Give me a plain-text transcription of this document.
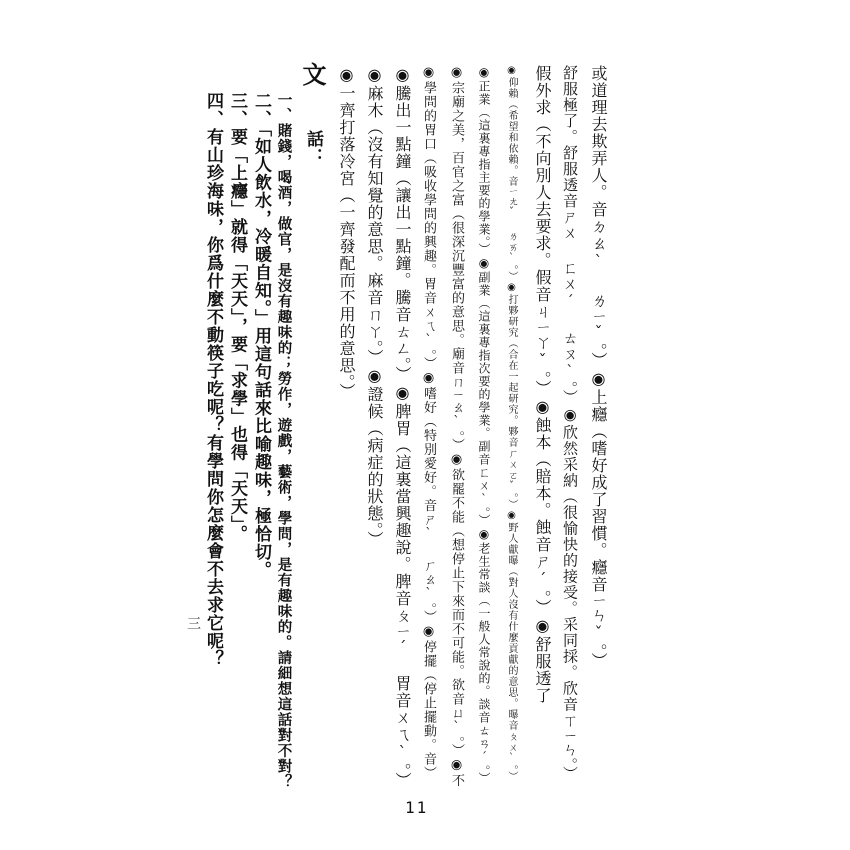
或道理去欺弄人。音ㄉㄠˋ ㄌㄧˇ。）◉上癮（嗜好成了習慣。癮音ㄧㄣˇ。）
舒服極了。舒服透音ㄕㄨ ㄈㄨˊ ㄊㄡˋ。）◉欣然采納（很愉快的接受。采同採。欣音ㄒㄧㄣ。）
假外求（不向別人去要求。假音ㄐㄧㄚˇ。）◉蝕本（賠本。蝕音ㄕˊ。）◉舒服透了
◉仰賴（希望和依賴。音ㄧㄤˇ ㄌㄞˋ。）◉打夥研究（合在一起研究。夥音ㄏㄨㄛˇ。）◉野人獻曝（對人沒有什麼貢獻的意思。曝音ㄆㄨˋ。）
◉正業（這裏專指主要的學業。）◉副業（這裏專指次要的學業。副音ㄈㄨˋ。）◉老生常談（一般人常說的。談音ㄊㄢˊ。）
◉宗廟之美，百官之富（很深沉豐富的意思。廟音ㄇㄧㄠˋ。）◉欲罷不能（想停止下來而不可能。欲音ㄩˋ。）◉不
◉學問的胃口（吸收學問的興趣。胃音ㄨㄟˋ。）◉嗜好（特別愛好。音ㄕˋ ㄏㄠˋ。）◉停擺（停止擺動。音）
◉騰出一點鐘（讓出一點鐘。騰音ㄊㄥ。）◉脾胃（這裏當興趣說。脾音ㄆㄧˊ　胃音ㄨㄟˋ。）
◉麻木（沒有知覺的意思。麻音ㄇㄚ。）◉證候（病症的狀態。）
◉一齊打落冷宮（一齊發配而不用的意思。）
文
話：
一、賭錢，喝酒，做官，是沒有趣味的；勞作，遊戲，藝術，學問，是有趣味的。請細想這話對不對？
二、「如人飲水，冷暖自知。」用這句話來比喻趣味，極恰切。
三、要「上癮」就得「天天」，要「求學」也得「天天」。
四、有山珍海味，你爲什麼不動筷子吃呢？有學問你怎麼會不去求它呢？
三
11
